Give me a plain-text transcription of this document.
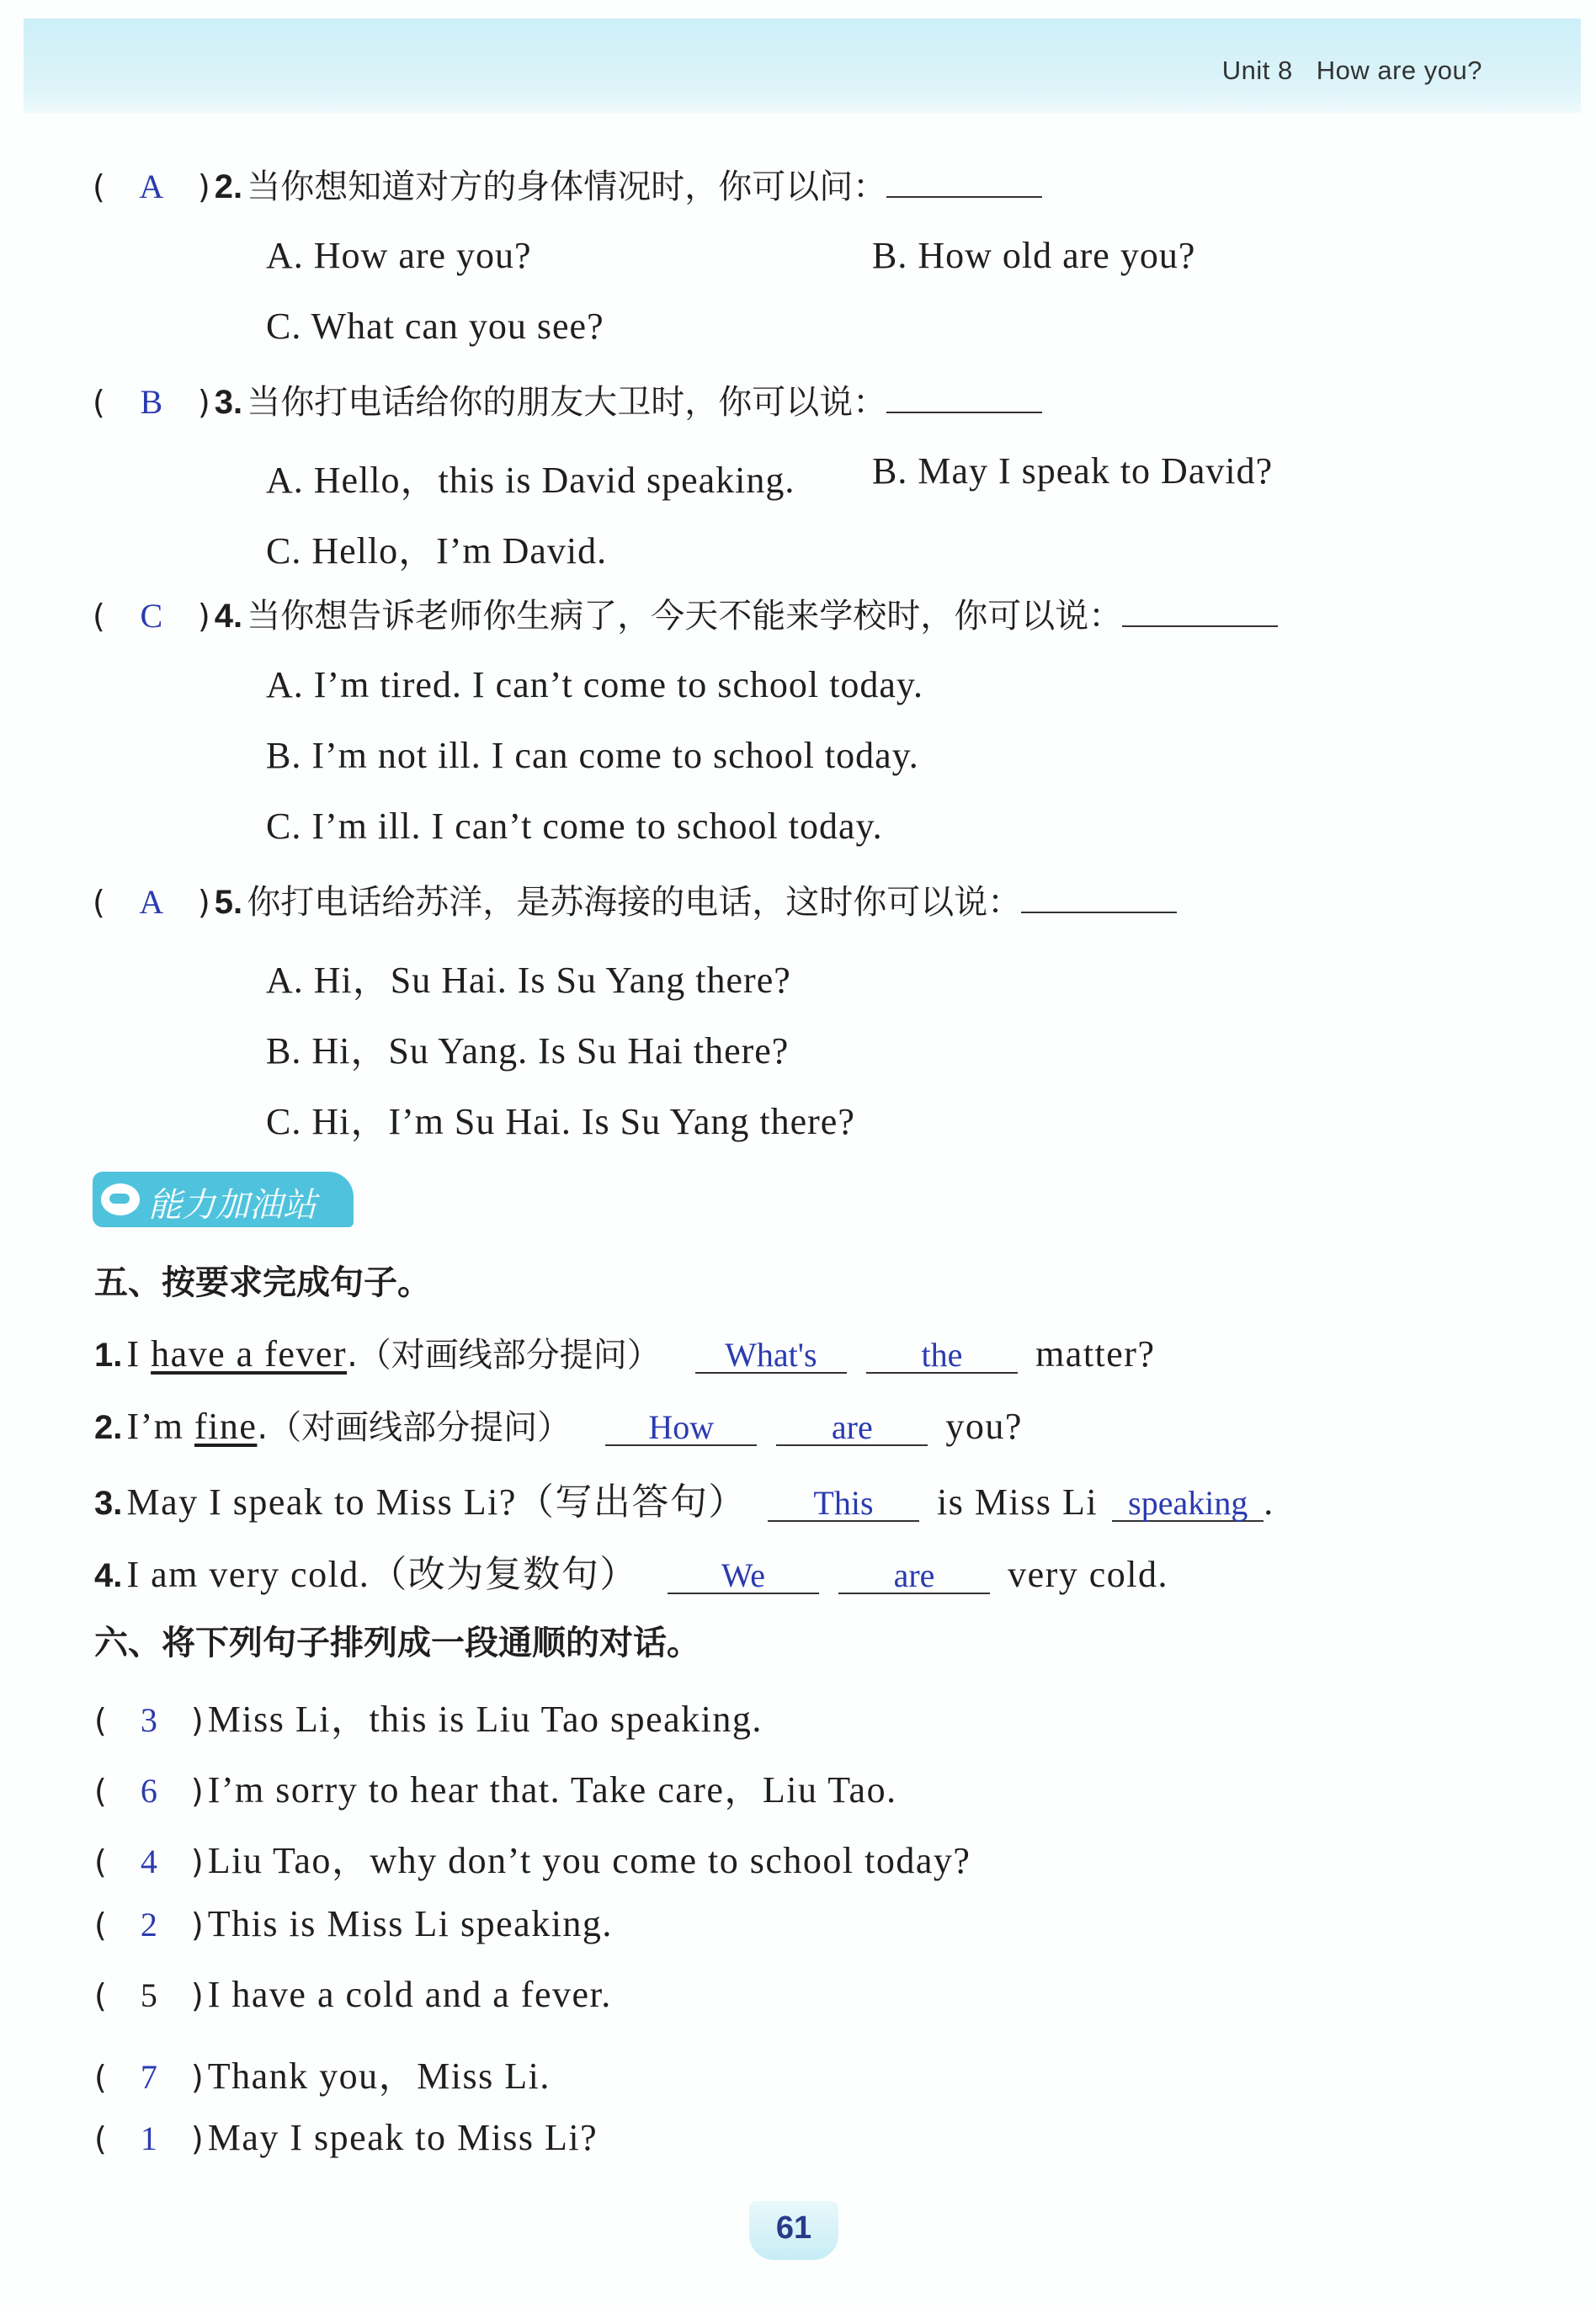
Unit 8 How are you?
( A ) 2. 当你想知道对方的身体情况时，你可以问：
A. How are you?	B. How old are you?
C. What can you see?
( B ) 3. 当你打电话给你的朋友大卫时，你可以说：
A. Hello，this is David speaking. B. May I speak to David?
C. Hello，I’m David.
( C ) 4. 当你想告诉老师你生病了，今天不能来学校时，你可以说：
A. I’m tired. I can’t come to school today.
B. I’m not ill. I can come to school today.
C. I’m ill. I can’t come to school today.
( A ) 5. 你打电话给苏洋，是苏海接的电话，这时你可以说：
A. Hi，Su Hai. Is Su Yang there?
B. Hi，Su Yang. Is Su Hai there?
C. Hi，I’m Su Hai. Is Su Yang there?
能力加油站
五、按要求完成句子。
1. I have a fever.（对画线部分提问） What's	the matter?
2. I’m fine.（对画线部分提问） How	are you?
3. May I speak to Miss Li?（写出答句） This is Miss Li speaking .
4. I am very cold.（改为复数句） We	are very cold.
六、将下列句子排列成一段通顺的对话。
( 3 ) Miss Li，this is Liu Tao speaking.
( 6 ) I’m sorry to hear that. Take care，Liu Tao.
( 4 ) Liu Tao，why don’t you come to school today?
( 2 ) This is Miss Li speaking.
( 5 ) I have a cold and a fever.
( 7 ) Thank you，Miss Li.
( 1 ) May I speak to Miss Li?
61
